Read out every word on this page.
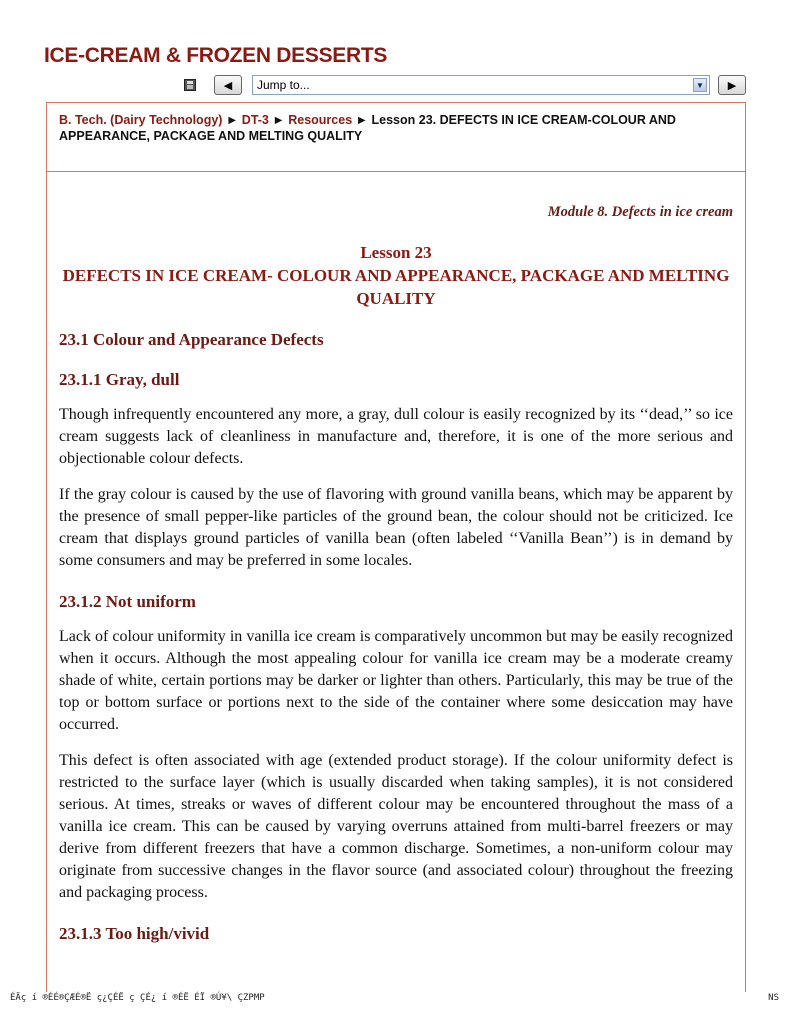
ICE-CREAM & FROZEN DESSERTS
◀	Jump to...	▼	▶
B. Tech. (Dairy Technology) ► DT-3 ► Resources ► Lesson 23. DEFECTS IN ICE CREAM-COLOUR AND APPEARANCE, PACKAGE AND MELTING QUALITY
Module 8. Defects in ice cream
Lesson 23
DEFECTS IN ICE CREAM- COLOUR AND APPEARANCE, PACKAGE AND MELTING QUALITY
23.1 Colour and Appearance Defects
23.1.1 Gray, dull

Though infrequently encountered any more, a gray, dull colour is easily recognized by its ‘‘dead,’’ so ice cream suggests lack of cleanliness in manufacture and, therefore, it is one of the more serious and objectionable colour defects.

If the gray colour is caused by the use of flavoring with ground vanilla beans, which may be apparent by the presence of small pepper-like particles of the ground bean, the colour should not be criticized. Ice cream that displays ground particles of vanilla bean (often labeled ‘‘Vanilla Bean’’) is in demand by some consumers and may be preferred in some locales.

23.1.2 Not uniform

Lack of colour uniformity in vanilla ice cream is comparatively uncommon but may be easily recognized when it occurs. Although the most appealing colour for vanilla ice cream may be a moderate creamy shade of white, certain portions may be darker or lighter than others. Particularly, this may be true of the top or bottom surface or portions next to the side of the container where some desiccation may have occurred.

This defect is often associated with age (extended product storage). If the colour uniformity defect is restricted to the surface layer (which is usually discarded when taking samples), it is not considered serious. At times, streaks or waves of different colour may be encountered throughout the mass of a vanilla ice cream. This can be caused by varying overruns attained from multi-barrel freezers or may derive from different freezers that have a common discharge. Sometimes, a non-uniform colour may originate from successive changes in the flavor source (and associated colour) throughout the freezing and packaging process.

23.1.3 Too high/vivid
ÉÄç í ®ÉÉ®ÇÆÉ®Ë ç¿ÇÉË ç ÇÉ¿ í ®ÉË ÉÏ ®Ú¥\ ÇZPMP	NS
